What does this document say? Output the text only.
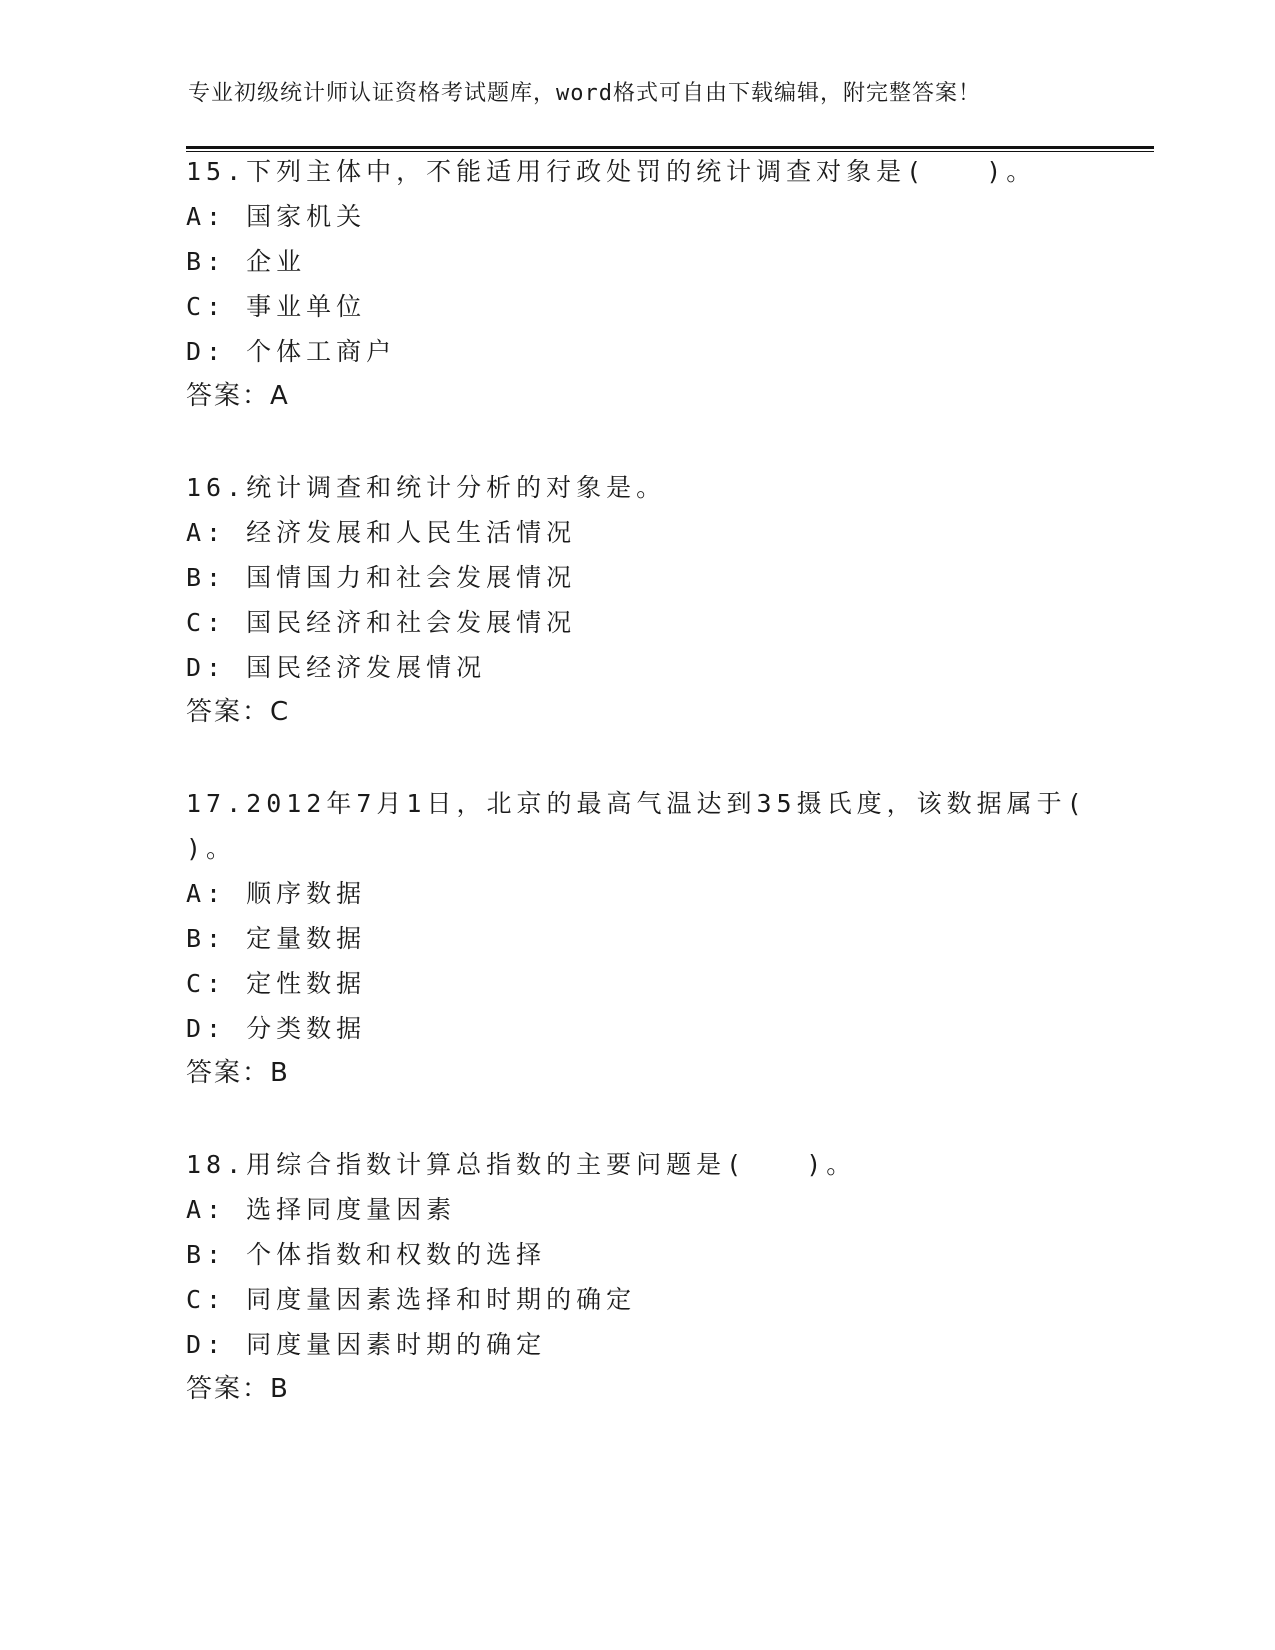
专业初级统计师认证资格考试题库，word格式可自由下载编辑，附完整答案！
15.下列主体中，不能适用行政处罚的统计调查对象是(　　)。
A: 国家机关
B: 企业
C: 事业单位
D: 个体工商户
答案：A
16.统计调查和统计分析的对象是。
A: 经济发展和人民生活情况
B: 国情国力和社会发展情况
C: 国民经济和社会发展情况
D: 国民经济发展情况
答案：C
17.2012年7月1日，北京的最高气温达到35摄氏度，该数据属于(
)。
A: 顺序数据
B: 定量数据
C: 定性数据
D: 分类数据
答案：B
18.用综合指数计算总指数的主要问题是(　　)。
A: 选择同度量因素
B: 个体指数和权数的选择
C: 同度量因素选择和时期的确定
D: 同度量因素时期的确定
答案：B
